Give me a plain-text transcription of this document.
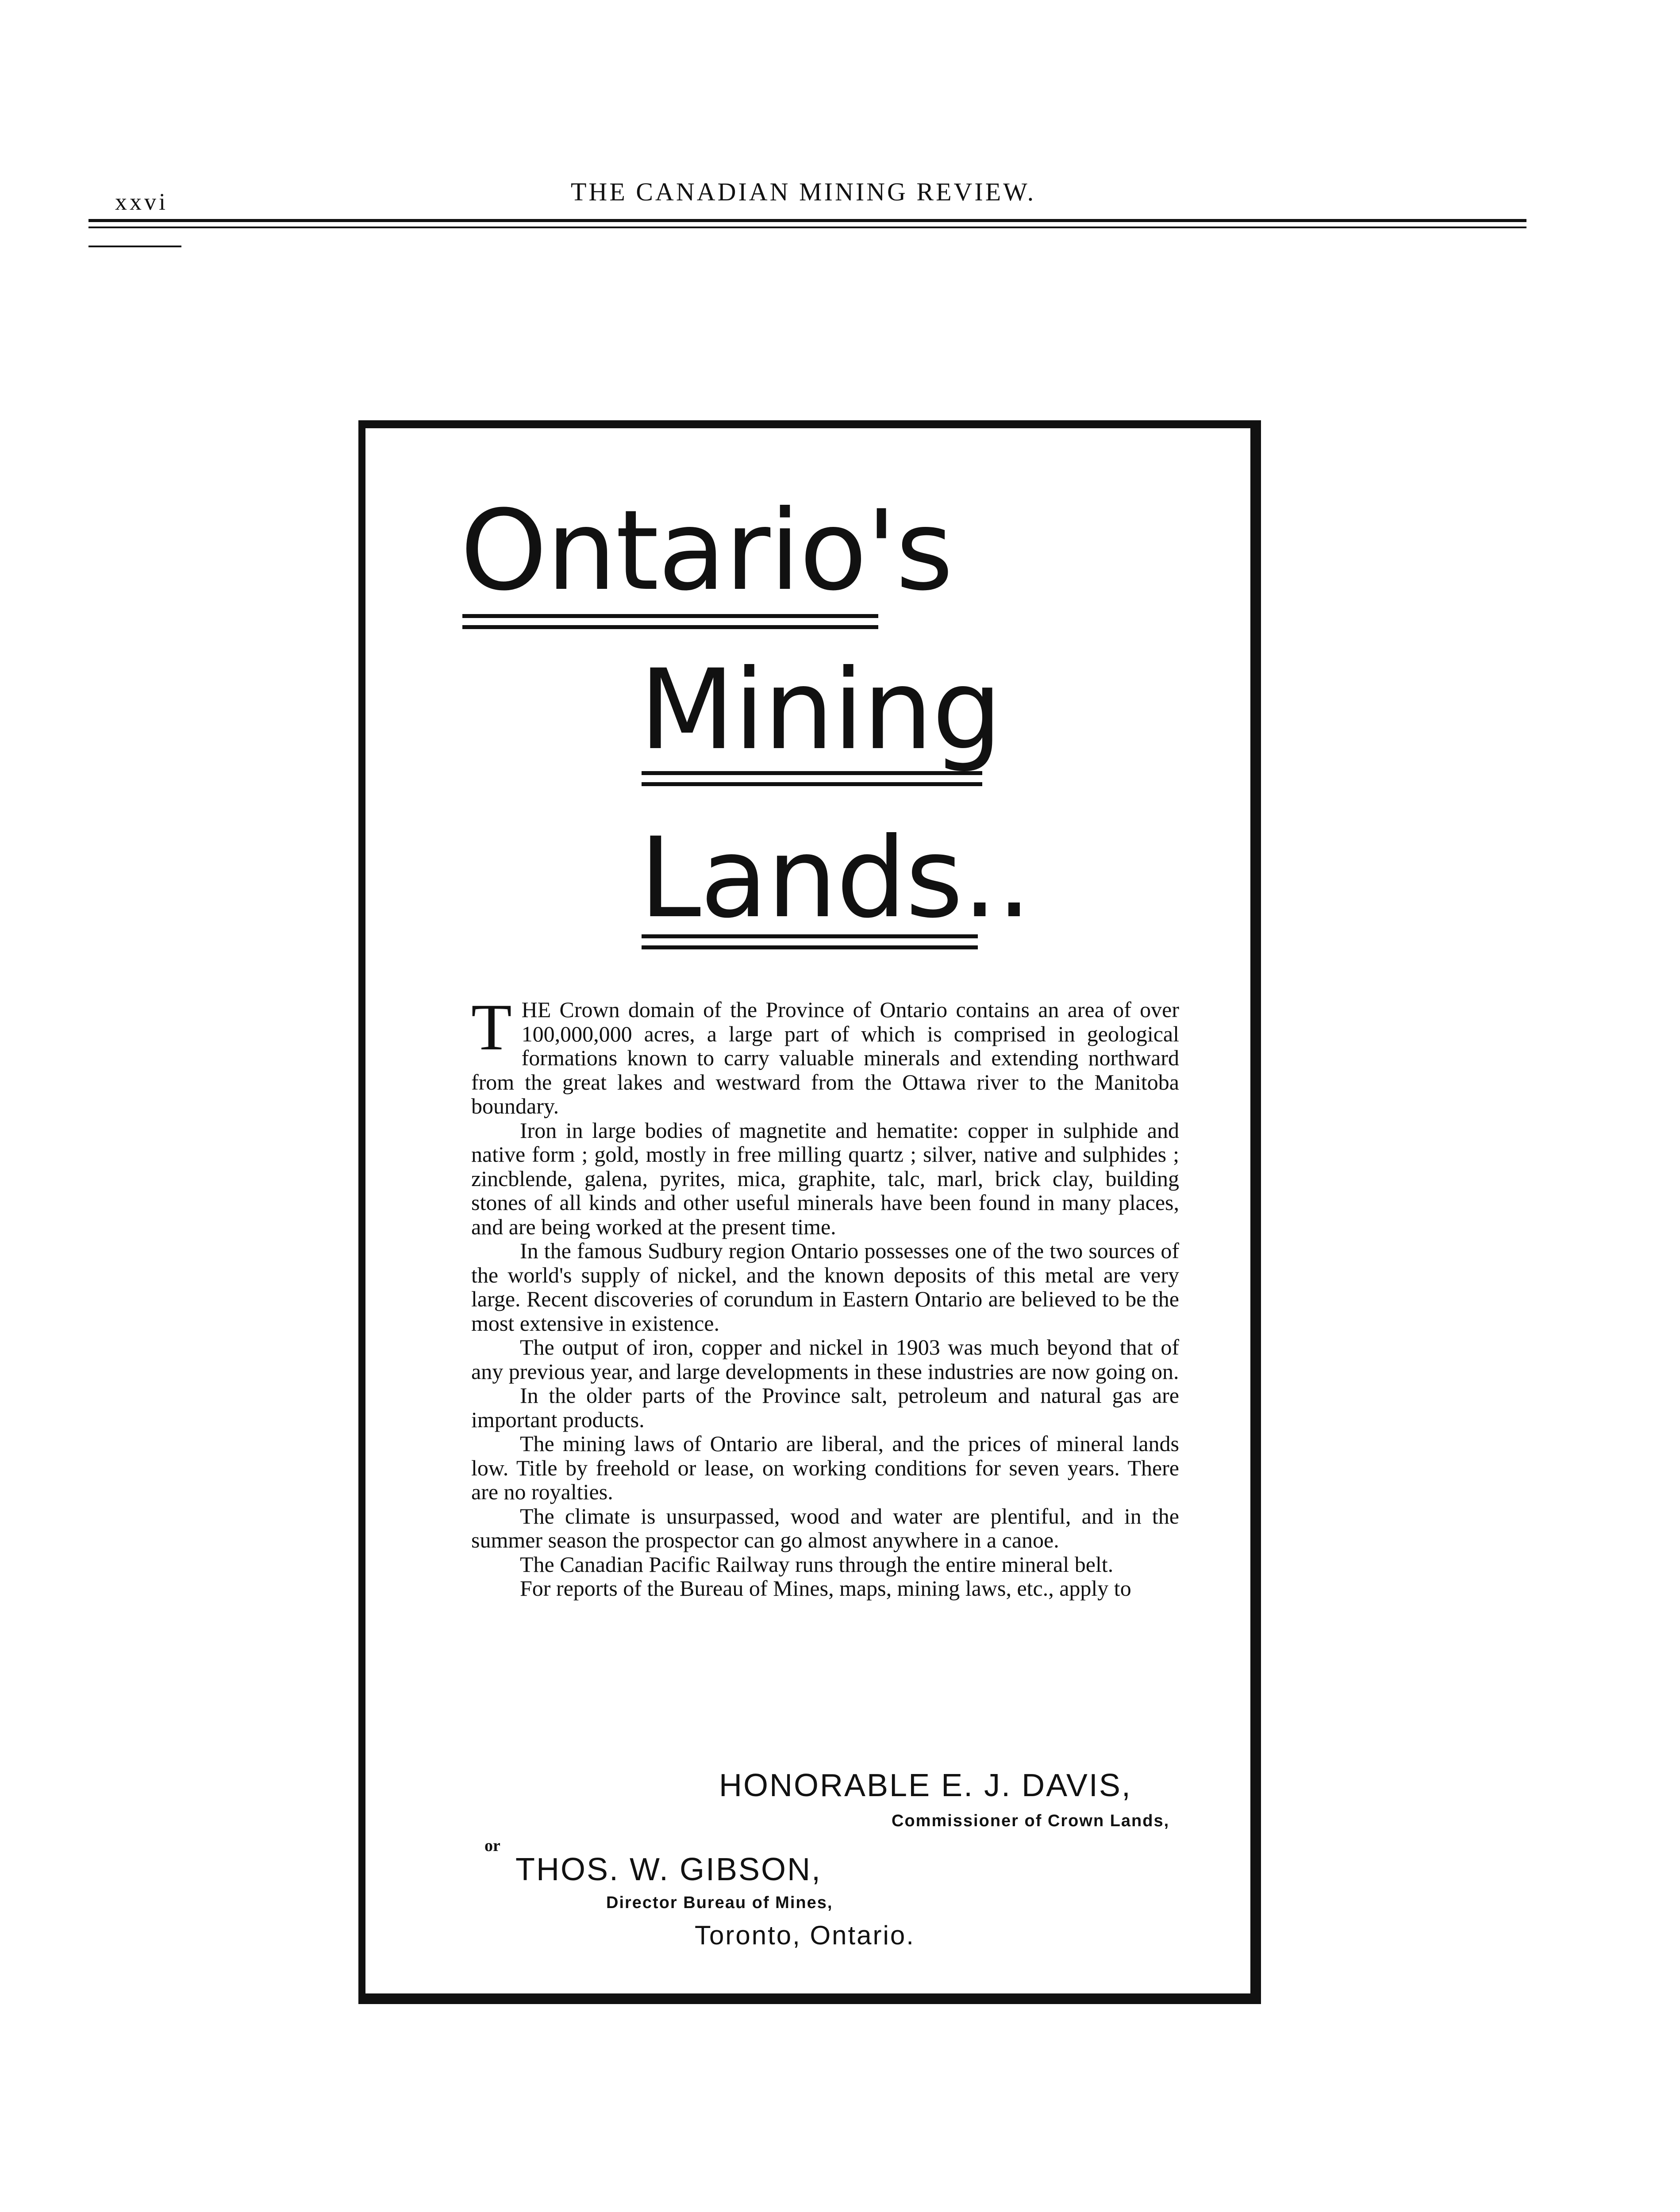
xxvi	THE CANADIAN MINING REVIEW.
Ontario's
Mining
Lands..

THE Crown domain of the Province of Ontario contains an area of over 100,000,000 acres, a large part of which is comprised in geological formations known to carry valuable minerals and extending northward from the great lakes and westward from the Ottawa river to the Manitoba boundary.

Iron in large bodies of magnetite and hematite: copper in sulphide and native form ; gold, mostly in free milling quartz ; silver, native and sulphides ; zincblende, galena, pyrites, mica, graphite, talc, marl, brick clay, building stones of all kinds and other useful minerals have been found in many places, and are being worked at the present time.

In the famous Sudbury region Ontario possesses one of the two sources of the world's supply of nickel, and the known deposits of this metal are very large. Recent discoveries of corundum in Eastern Ontario are believed to be the most extensive in existence.

The output of iron, copper and nickel in 1903 was much beyond that of any previous year, and large developments in these industries are now going on.

In the older parts of the Province salt, petroleum and natural gas are important products.

The mining laws of Ontario are liberal, and the prices of mineral lands low. Title by freehold or lease, on working conditions for seven years. There are no royalties.

The climate is unsurpassed, wood and water are plentiful, and in the summer season the prospector can go almost anywhere in a canoe.

The Canadian Pacific Railway runs through the entire mineral belt.

For reports of the Bureau of Mines, maps, mining laws, etc., apply to

HONORABLE E. J. DAVIS,
Commissioner of Crown Lands,
or
THOS. W. GIBSON,
Director Bureau of Mines,
Toronto, Ontario.
